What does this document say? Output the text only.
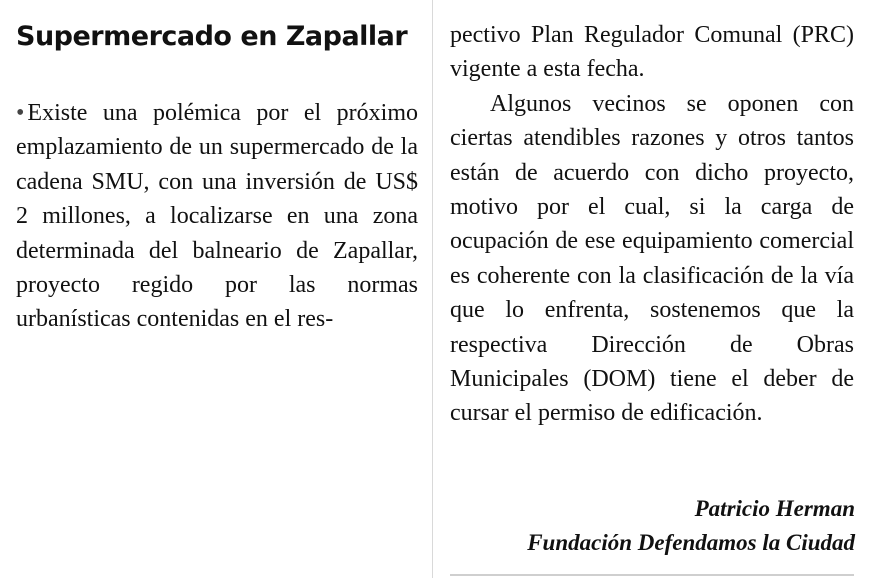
Supermercado en Zapallar

• Existe una polémica por el próximo emplazamiento de un supermercado de la cadena SMU, con una inversión de US$ 2 millones, a localizarse en una zona determinada del balneario de Zapallar, proyecto regido por las normas urbanísticas contenidas en el res-

pectivo Plan Regulador Comunal (PRC) vigente a esta fecha.

Algunos vecinos se oponen con ciertas atendibles razones y otros tantos están de acuerdo con dicho proyecto, motivo por el cual, si la carga de ocupación de ese equipamiento comercial es coherente con la clasificación de la vía que lo enfrenta, sostenemos que la respectiva Dirección de Obras Municipales (DOM) tiene el deber de cursar el permiso de edificación.

Patricio Herman
Fundación Defendamos la Ciudad
